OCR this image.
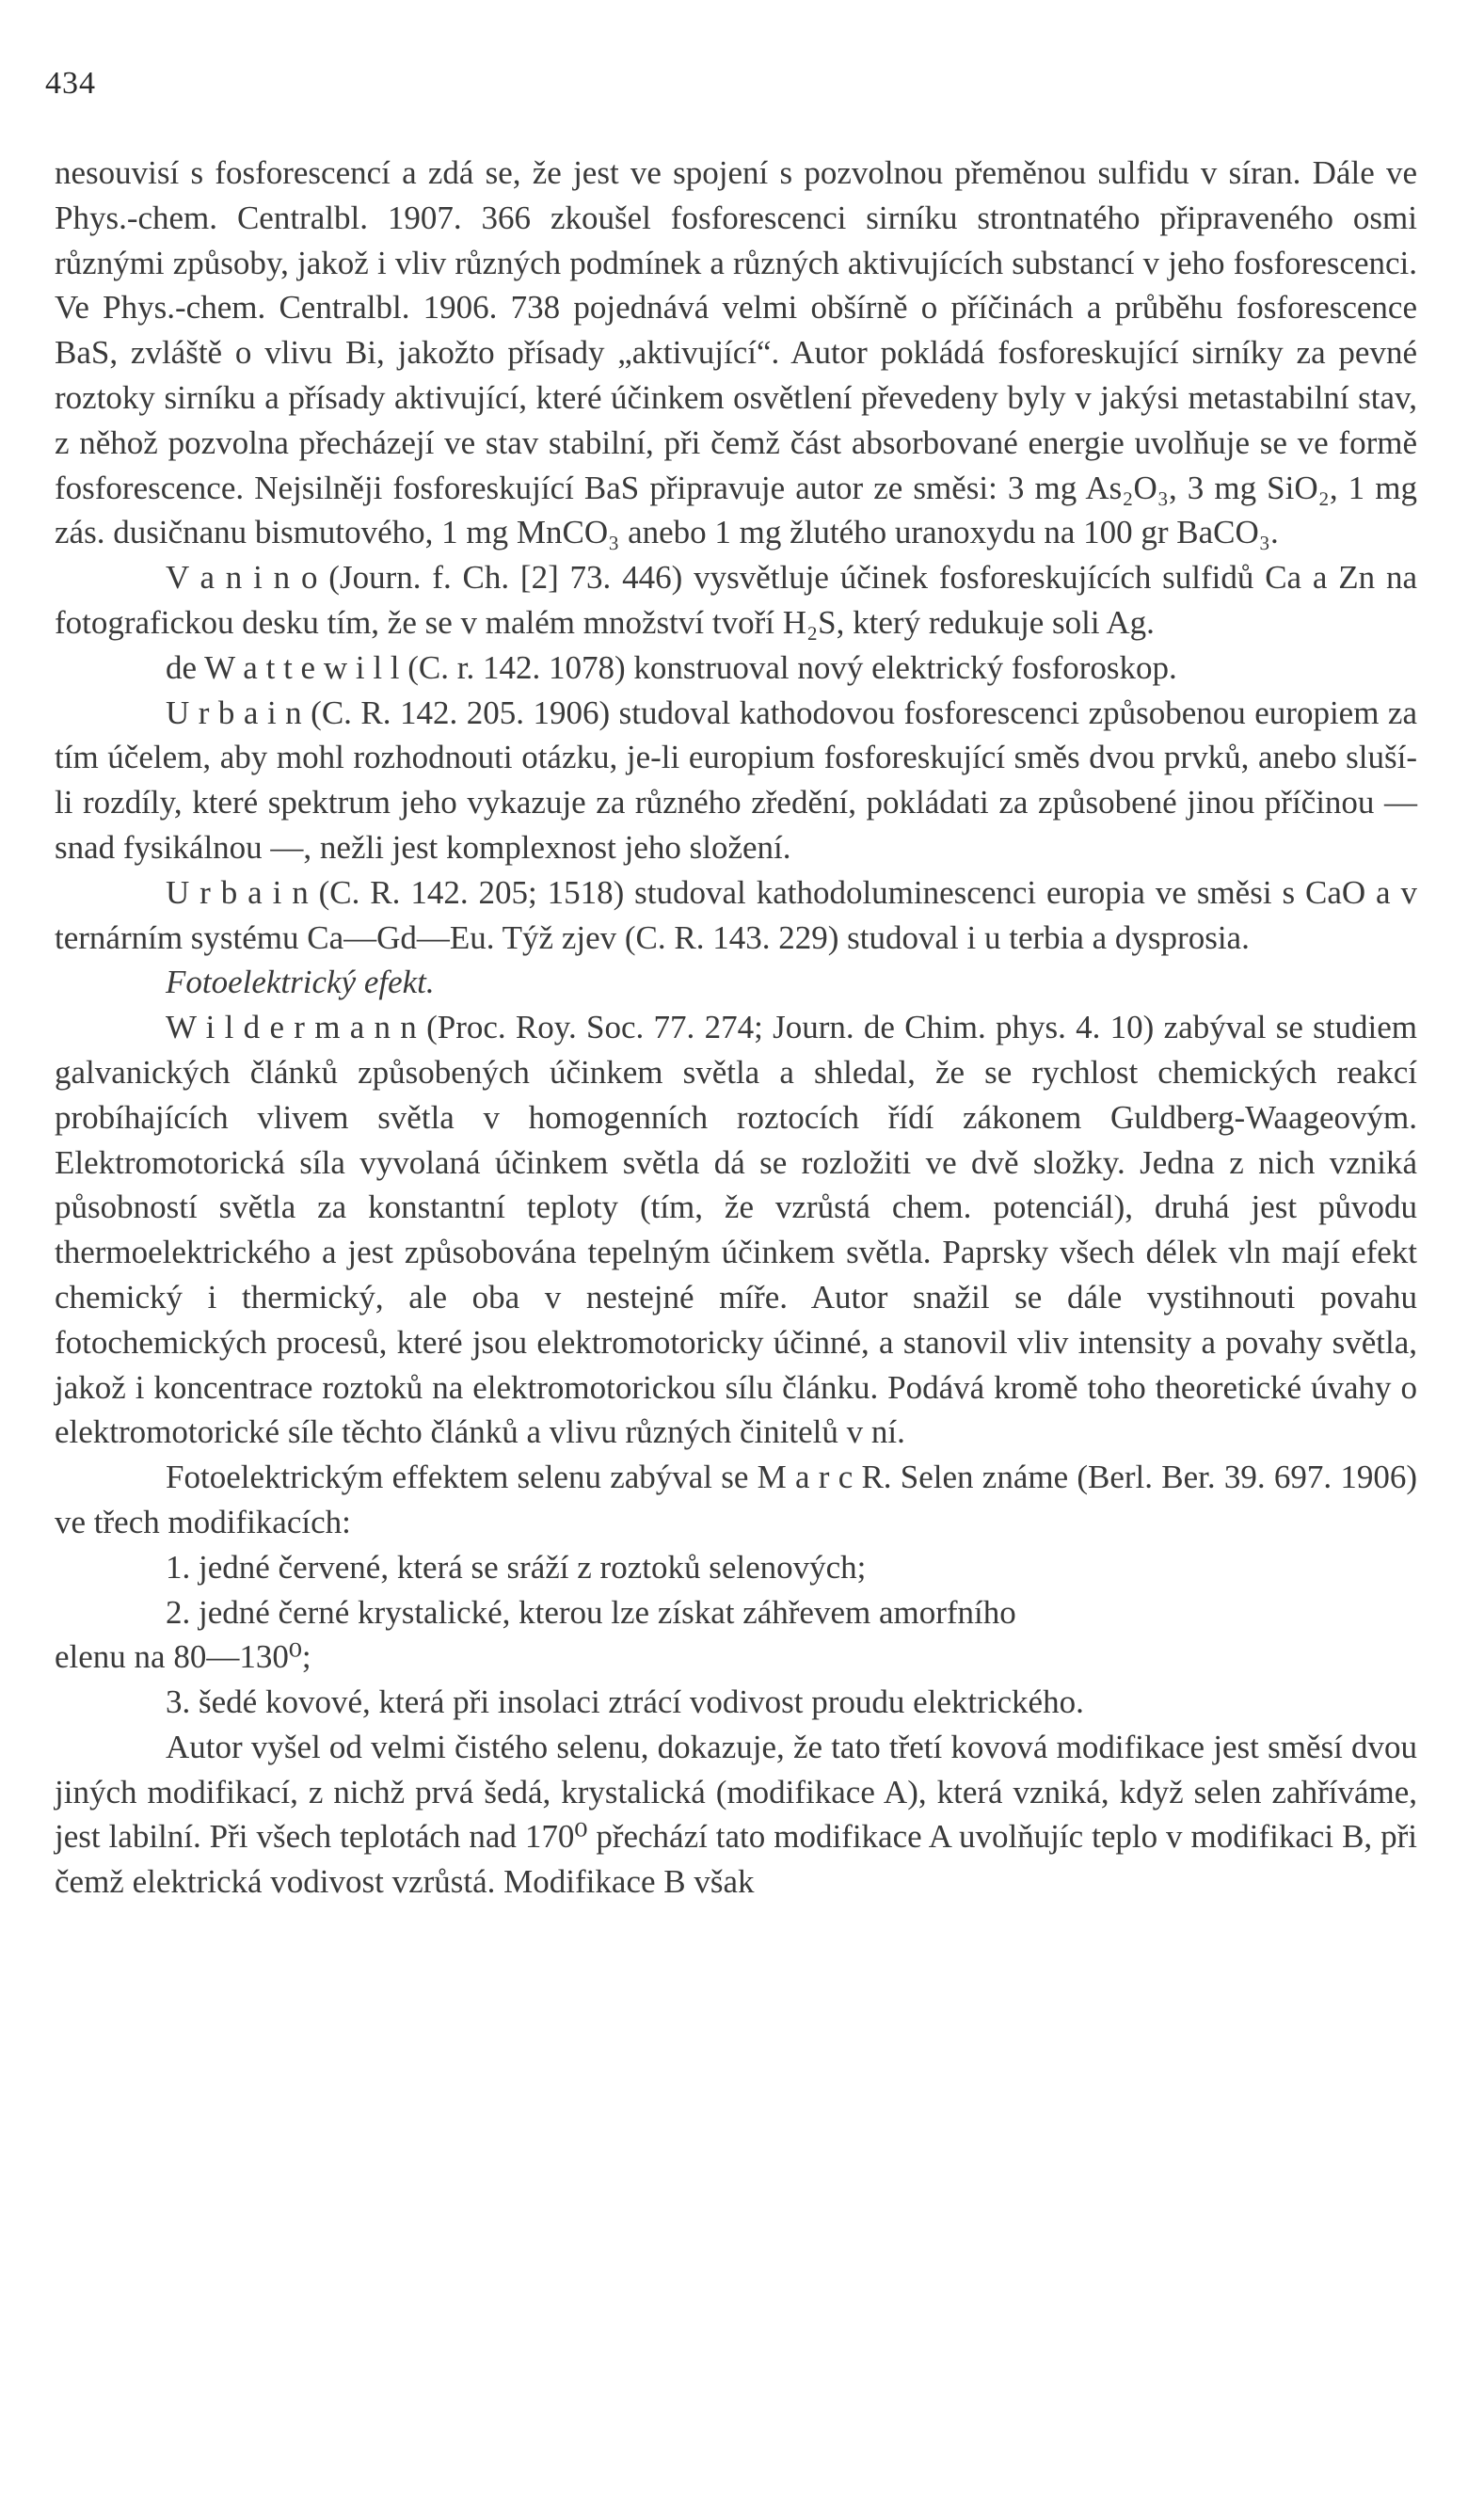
434

nesouvisí s fosforescencí a zdá se, že jest ve spojení s pozvolnou přeměnou sulfidu v síran. Dále ve Phys.-chem. Centralbl. 1907. 366 zkoušel fosforescenci sirníku strontnatého připraveného osmi různými způsoby, jakož i vliv různých podmínek a různých aktivujících substancí v jeho fosforescenci. Ve Phys.-chem. Centralbl. 1906. 738 pojednává velmi obšírně o příčinách a průběhu fosforescence BaS, zvláště o vlivu Bi, jakožto přísady „aktivující“. Autor pokládá fosforeskující sirníky za pevné roztoky sirníku a přísady aktivující, které účinkem osvětlení převedeny byly v jakýsi metastabilní stav, z něhož pozvolna přecházejí ve stav stabilní, při čemž část absorbované energie uvolňuje se ve formě fosforescence. Nejsilněji fosforeskující BaS připravuje autor ze směsi: 3 mg As₂O₃, 3 mg SiO₂, 1 mg zás. dusičnanu bismutového, 1 mg MnCO₃ anebo 1 mg žlutého uranoxydu na 100 gr BaCO₃.

V a n i n o (Journ. f. Ch. [2] 73. 446) vysvětluje účinek fosforeskujících sulfidů Ca a Zn na fotografickou desku tím, že se v malém množství tvoří H₂S, který redukuje soli Ag.

de W a t t e w i l l (C. r. 142. 1078) konstruoval nový elektrický fosforoskop.

U r b a i n (C. R. 142. 205. 1906) studoval kathodovou fosforescenci způsobenou europiem za tím účelem, aby mohl rozhodnouti otázku, je-li europium fosforeskující směs dvou prvků, anebo sluší-li rozdíly, které spektrum jeho vykazuje za různého zředění, pokládati za způsobené jinou příčinou — snad fysikálnou —, nežli jest komplexnost jeho složení.

U r b a i n (C. R. 142. 205; 1518) studoval kathodoluminescenci europia ve směsi s CaO a v ternárním systému Ca—Gd—Eu. Týž zjev (C. R. 143. 229) studoval i u terbia a dysprosia.

Fotoelektrický efekt.

W i l d e r m a n n (Proc. Roy. Soc. 77. 274; Journ. de Chim. phys. 4. 10) zabýval se studiem galvanických článků způsobených účinkem světla a shledal, že se rychlost chemických reakcí probíhajících vlivem světla v homogenních roztocích řídí zákonem Guldberg-Waageovým. Elektromotorická síla vyvolaná účinkem světla dá se rozložiti ve dvě složky. Jedna z nich vzniká působností světla za konstantní teploty (tím, že vzrůstá chem. potenciál), druhá jest původu thermoelektrického a jest způsobována tepelným účinkem světla. Paprsky všech délek vln mají efekt chemický i thermický, ale oba v nestejné míře. Autor snažil se dále vystihnouti povahu fotochemických procesů, které jsou elektromotoricky účinné, a stanovil vliv intensity a povahy světla, jakož i koncentrace roztoků na elektromotorickou sílu článku. Podává kromě toho theoretické úvahy o elektromotorické síle těchto článků a vlivu různých činitelů v ní.

Fotoelektrickým effektem selenu zabýval se M a r c R. Selen známe (Berl. Ber. 39. 697. 1906) ve třech modifikacích:

1. jedné červené, která se sráží z roztoků selenových;

2. jedné černé krystalické, kterou lze získat záhřevem amorfního

elenu na 80—130⁰;

3. šedé kovové, která při insolaci ztrácí vodivost proudu elektrického.

Autor vyšel od velmi čistého selenu, dokazuje, že tato třetí kovová modifikace jest směsí dvou jiných modifikací, z nichž prvá šedá, krystalická (modifikace A), která vzniká, když selen zahříváme, jest labilní. Při všech teplotách nad 170⁰ přechází tato modifikace A uvolňujíc teplo v modifikaci B, při čemž elektrická vodivost vzrůstá. Modifikace B však
